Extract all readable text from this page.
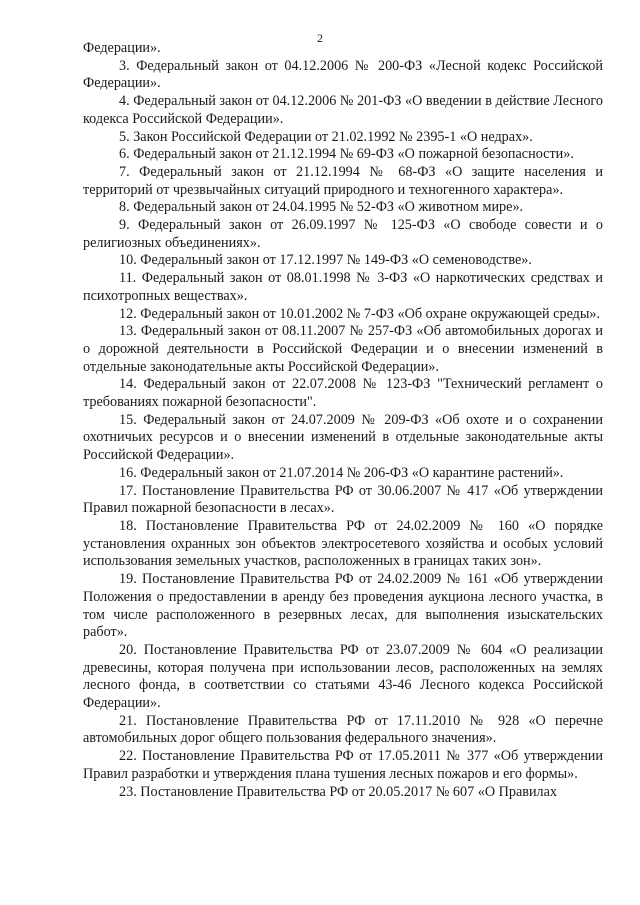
2

Федерации».

3. Федеральный закон от 04.12.2006 № 200-ФЗ «Лесной кодекс Российской Федерации».

4. Федеральный закон от 04.12.2006 № 201-ФЗ «О введении в действие Лесного кодекса Российской Федерации».

5. Закон Российской Федерации от 21.02.1992 № 2395-1 «О недрах».

6. Федеральный закон от 21.12.1994 № 69-ФЗ «О пожарной безопасности».

7. Федеральный закон от 21.12.1994 № 68-ФЗ «О защите населения и территорий от чрезвычайных ситуаций природного и техногенного характера».

8. Федеральный закон от 24.04.1995 № 52-ФЗ «О животном мире».

9. Федеральный закон от 26.09.1997 № 125-ФЗ «О свободе совести и о религиозных объединениях».

10. Федеральный закон от 17.12.1997 № 149-ФЗ «О семеноводстве».

11. Федеральный закон от 08.01.1998 № 3-ФЗ «О наркотических средствах и психотропных веществах».

12. Федеральный закон от 10.01.2002 № 7-ФЗ «Об охране окружающей среды».

13. Федеральный закон от 08.11.2007 № 257-ФЗ «Об автомобильных дорогах и о дорожной деятельности в Российской Федерации и о внесении изменений в отдельные законодательные акты Российской Федерации».

14. Федеральный закон от 22.07.2008 № 123-ФЗ "Технический регламент о требованиях пожарной безопасности".

15. Федеральный закон от 24.07.2009 № 209-ФЗ «Об охоте и о сохранении охотничьих ресурсов и о внесении изменений в отдельные законодательные акты Российской Федерации».

16. Федеральный закон от 21.07.2014 № 206-ФЗ «О карантине растений».

17. Постановление Правительства РФ от 30.06.2007 № 417 «Об утверждении Правил пожарной безопасности в лесах».

18. Постановление Правительства РФ от 24.02.2009 № 160 «О порядке установления охранных зон объектов электросетевого хозяйства и особых условий использования земельных участков, расположенных в границах таких зон».

19. Постановление Правительства РФ от 24.02.2009 № 161 «Об утверждении Положения о предоставлении в аренду без проведения аукциона лесного участка, в том числе расположенного в резервных лесах, для выполнения изыскательских работ».

20. Постановление Правительства РФ от 23.07.2009 № 604 «О реализации древесины, которая получена при использовании лесов, расположенных на землях лесного фонда, в соответствии со статьями 43-46 Лесного кодекса Российской Федерации».

21. Постановление Правительства РФ от 17.11.2010 № 928 «О перечне автомобильных дорог общего пользования федерального значения».

22. Постановление Правительства РФ от 17.05.2011 № 377 «Об утверждении Правил разработки и утверждения плана тушения лесных пожаров и его формы».

23. Постановление Правительства РФ от 20.05.2017 № 607 «О Правилах
